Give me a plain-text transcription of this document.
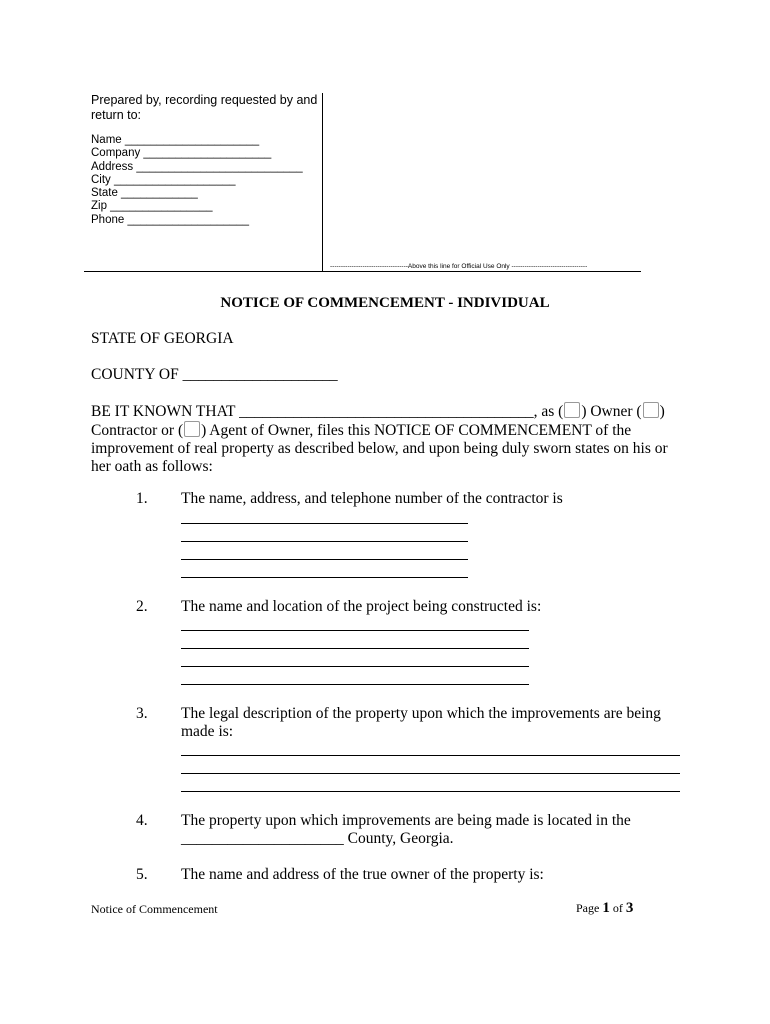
Prepared by, recording requested by and return to:
Name _____________________
Company ____________________
Address __________________________
City ___________________
State ____________
Zip ________________
Phone ___________________
------------------------------------Above this line for Official Use Only -----------------------------------
NOTICE OF COMMENCEMENT - INDIVIDUAL
STATE OF GEORGIA
COUNTY OF ____________________
BE IT KNOWN THAT ______________________________________, as ( ) Owner ( ) Contractor or ( ) Agent of Owner, files this NOTICE OF COMMENCEMENT of the improvement of real property as described below, and upon being duly sworn states on his or her oath as follows:
1. The name, address, and telephone number of the contractor is
2. The name and location of the project being constructed is:
3. The legal description of the property upon which the improvements are being made is:
4. The property upon which improvements are being made is located in the _____________________ County, Georgia.
5. The name and address of the true owner of the property is:
Notice of Commencement	Page 1 of 3
